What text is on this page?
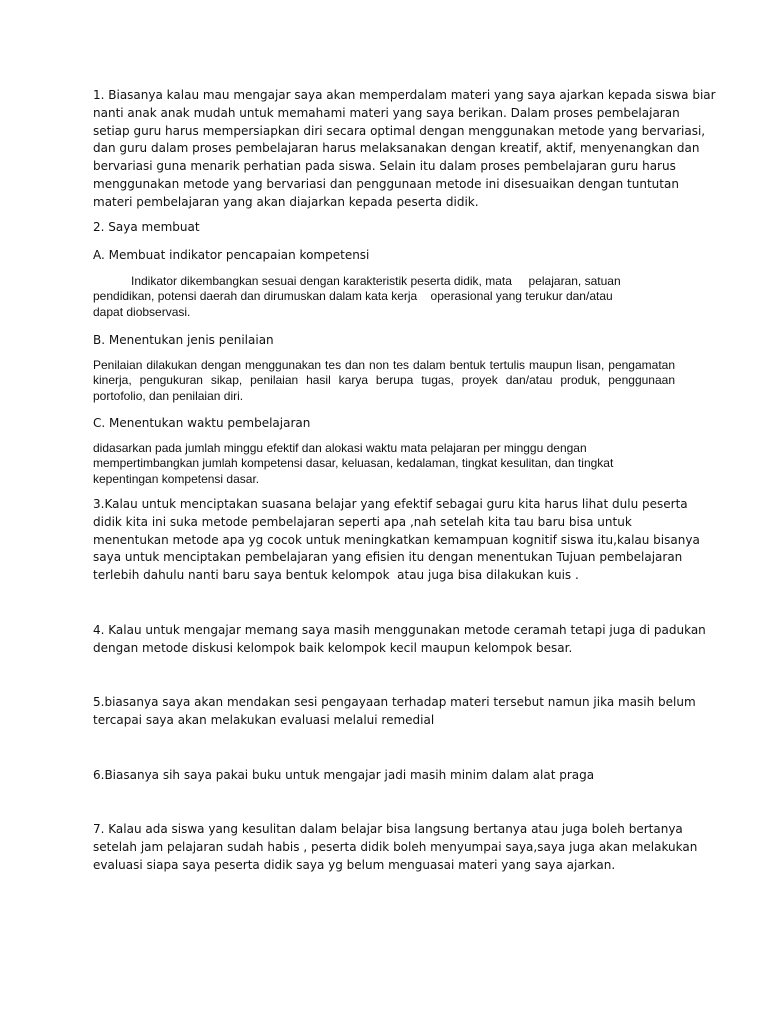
1. Biasanya kalau mau mengajar saya akan memperdalam materi yang saya ajarkan kepada siswa biar
nanti anak anak mudah untuk memahami materi yang saya berikan. Dalam proses pembelajaran
setiap guru harus mempersiapkan diri secara optimal dengan menggunakan metode yang bervariasi,
dan guru dalam proses pembelajaran harus melaksanakan dengan kreatif, aktif, menyenangkan dan
bervariasi guna menarik perhatian pada siswa. Selain itu dalam proses pembelajaran guru harus
menggunakan metode yang bervariasi dan penggunaan metode ini disesuaikan dengan tuntutan
materi pembelajaran yang akan diajarkan kepada peserta didik.

2. Saya membuat

A. Membuat indikator pencapaian kompetensi

Indikator dikembangkan sesuai dengan karakteristik peserta didik, mata     pelajaran, satuan
pendidikan, potensi daerah dan dirumuskan dalam kata kerja    operasional yang terukur dan/atau
dapat diobservasi.

B. Menentukan jenis penilaian

Penilaian dilakukan dengan menggunakan tes dan non tes dalam bentuk tertulis maupun lisan, pengamatan kinerja, pengukuran sikap, penilaian hasil karya berupa tugas, proyek dan/atau produk, penggunaan portofolio, dan penilaian diri.

C. Menentukan waktu pembelajaran

didasarkan pada jumlah minggu efektif dan alokasi waktu mata pelajaran per minggu dengan
mempertimbangkan jumlah kompetensi dasar, keluasan, kedalaman, tingkat kesulitan, dan tingkat
kepentingan kompetensi dasar.
3.Kalau untuk menciptakan suasana belajar yang efektif sebagai guru kita harus lihat dulu peserta
didik kita ini suka metode pembelajaran seperti apa ,nah setelah kita tau baru bisa untuk
menentukan metode apa yg cocok untuk meningkatkan kemampuan kognitif siswa itu,kalau bisanya
saya untuk menciptakan pembelajaran yang efisien itu dengan menentukan Tujuan pembelajaran
terlebih dahulu nanti baru saya bentuk kelompok  atau juga bisa dilakukan kuis .
4. Kalau untuk mengajar memang saya masih menggunakan metode ceramah tetapi juga di padukan
dengan metode diskusi kelompok baik kelompok kecil maupun kelompok besar.
5.biasanya saya akan mendakan sesi pengayaan terhadap materi tersebut namun jika masih belum
tercapai saya akan melakukan evaluasi melalui remedial

6.Biasanya sih saya pakai buku untuk mengajar jadi masih minim dalam alat praga

7. Kalau ada siswa yang kesulitan dalam belajar bisa langsung bertanya atau juga boleh bertanya
setelah jam pelajaran sudah habis , peserta didik boleh menyumpai saya,saya juga akan melakukan
evaluasi siapa saya peserta didik saya yg belum menguasai materi yang saya ajarkan.
